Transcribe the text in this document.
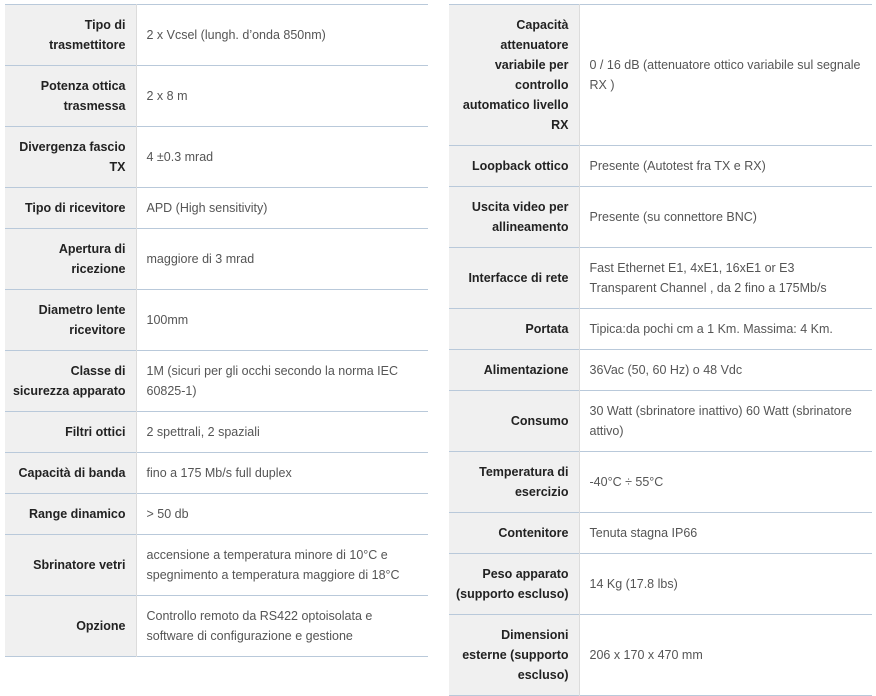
Tipo di trasmettitore	2 x Vcsel (lungh. d’onda 850nm)
Potenza ottica trasmessa	2 x 8 m
Divergenza fascio TX	4 ±0.3 mrad
Tipo di ricevitore	APD (High sensitivity)
Apertura di ricezione	maggiore di 3 mrad
Diametro lente ricevitore	100mm
Classe di sicurezza apparato	1M (sicuri per gli occhi secondo la norma IEC 60825-1)
Filtri ottici	2 spettrali, 2 spaziali
Capacità di banda	fino a 175 Mb/s full duplex
Range dinamico	> 50 db
Sbrinatore vetri	accensione a temperatura minore di 10°C e spegnimento a temperatura maggiore di 18°C
Opzione	Controllo remoto da RS422 optoisolata e software di configurazione e gestione
Capacità attenuatore variabile per controllo automatico livello RX	0 / 16 dB (attenuatore ottico variabile sul segnale RX )
Loopback ottico	Presente (Autotest fra TX e RX)
Uscita video per allineamento	Presente (su connettore BNC)
Interfacce di rete	Fast Ethernet E1, 4xE1, 16xE1 or E3 Transparent Channel , da 2 fino a 175Mb/s
Portata	Tipica:da pochi cm a 1 Km. Massima: 4 Km.
Alimentazione	36Vac (50, 60 Hz) o 48 Vdc
Consumo	30 Watt (sbrinatore inattivo) 60 Watt (sbrinatore attivo)
Temperatura di esercizio	-40°C ÷ 55°C
Contenitore	Tenuta stagna IP66
Peso apparato (supporto escluso)	14 Kg (17.8 lbs)
Dimensioni esterne (supporto escluso)	206 x 170 x 470 mm
